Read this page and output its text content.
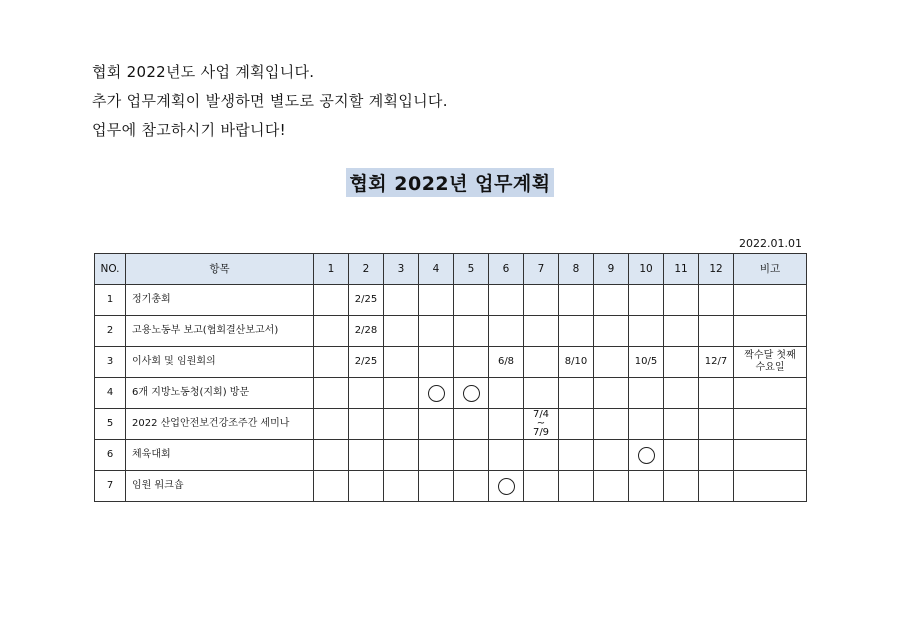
협회 2022년도 사업 계획입니다.

추가 업무계획이 발생하면 별도로 공지할 계획입니다.

업무에 참고하시기 바랍니다!

협회 2022년 업무계획
2022.01.01
NO.	항목	1	2	3	4	5	6	7	8	9	10	11	12	비고
1	정기총회		2/25											
2	고용노동부 보고(협회결산보고서)		2/28											
3	이사회 및 임원회의		2/25				6/8		8/10		10/5		12/7	짝수달 첫째
수요일

4	6개 지방노동청(지회) 방문													
5	2022 산업안전보건강조주간 세미나							7/4
~
7/9						

6	체육대회													
7	임원 워크숍													
